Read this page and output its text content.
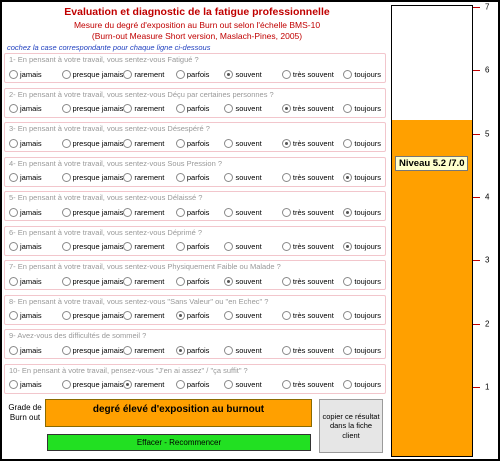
Evaluation et diagnostic de la fatigue professionnelle
Mesure du degré d'exposition au Burn out selon l'échelle BMS-10
(Burn-out Measure Short version, Maslach-Pines, 2005)
cochez la case correspondante pour chaque ligne ci-dessous
1- En pensant à votre travail, vous sentez-vous Fatigué ?
jamais	presque jamais rarement	parfois	souvent	très souvent	toujours
2- En pensant à votre travail, vous sentez-vous Déçu par certaines personnes ?
jamais	presque jamais rarement	parfois	souvent	très souvent	toujours
3- En pensant à votre travail, vous sentez-vous Désespéré ?
jamais	presque jamais rarement	parfois	souvent	très souvent	toujours
4- En pensant à votre travail, vous sentez-vous Sous Pression ?
jamais	presque jamais rarement	parfois	souvent	très souvent	toujours
5- En pensant à votre travail, vous sentez-vous Délaissé ?
jamais	presque jamais rarement	parfois	souvent	très souvent	toujours
6- En pensant à votre travail, vous sentez-vous Déprimé ?
jamais	presque jamais rarement	parfois	souvent	très souvent	toujours
7- En pensant à votre travail, vous sentez-vous Physiquement Faible ou Malade ?
jamais	presque jamais rarement	parfois	souvent	très souvent	toujours
8- En pensant à votre travail, vous sentez-vous "Sans Valeur" ou "en Echec" ?
jamais	presque jamais rarement	parfois	souvent	très souvent	toujours
9- Avez-vous des difficultés de sommeil ?
jamais	presque jamais rarement	parfois	souvent	très souvent	toujours
10- En pensant à votre travail, pensez-vous "J'en ai assez" / "ça suffit" ?
jamais	presque jamais rarement	parfois	souvent	très souvent	toujours
Grade de Burn out
degré élevé d'exposition au burnout
Effacer - Recommencer
copier ce résultat dans la fiche client
Niveau 5.2 /7.0
7
6
5
4
3
2
1
